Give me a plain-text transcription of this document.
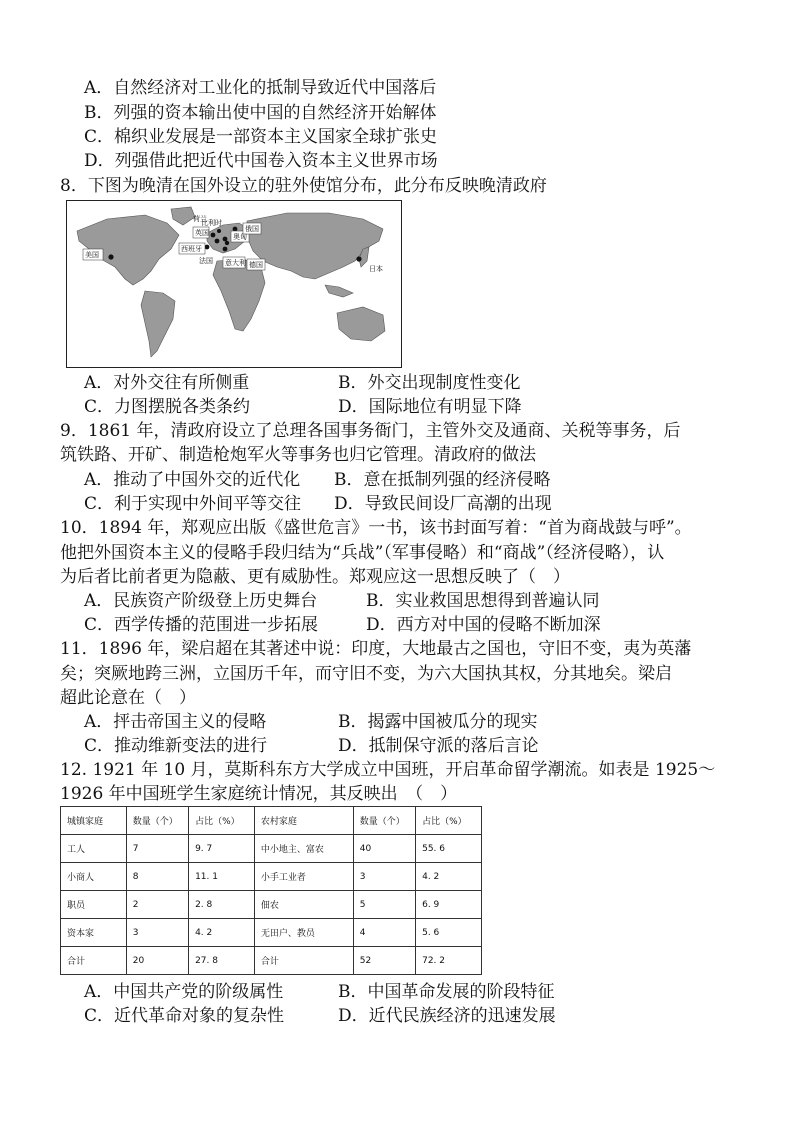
A．自然经济对工业化的抵制导致近代中国落后
B．列强的资本输出使中国的自然经济开始解体
C．棉织业发展是一部资本主义国家全球扩张史
D．列强借此把近代中国卷入资本主义世界市场
8．下图为晚清在国外设立的驻外使馆分布，此分布反映晚清政府
美国
英国
比利时
荷兰
奥匈
俄国
西班牙
意大利 德国
法国
日本
A．对外交往有所侧重	B．外交出现制度性变化
C．力图摆脱各类条约	D．国际地位有明显下降
9．1861 年，清政府设立了总理各国事务衙门，主管外交及通商、关税等事务，后
筑铁路、开矿、制造枪炮军火等事务也归它管理。清政府的做法
A．推动了中国外交的近代化 B．意在抵制列强的经济侵略
C．利于实现中外间平等交往 D．导致民间设厂高潮的出现
10．1894 年，郑观应出版《盛世危言》一书，该书封面写着：“首为商战鼓与呼”。
他把外国资本主义的侵略手段归结为“兵战”（军事侵略）和“商战”（经济侵略），认
为后者比前者更为隐蔽、更有威胁性。郑观应这一思想反映了（　）
A．民族资产阶级登上历史舞台	B．实业救国思想得到普遍认同
C．西学传播的范围进一步拓展	D．西方对中国的侵略不断加深
11．1896 年，梁启超在其著述中说：印度，大地最古之国也，守旧不变，夷为英藩
矣；突厥地跨三洲，立国历千年，而守旧不变，为六大国执其权，分其地矣。梁启
超此论意在（　）
A．抨击帝国主义的侵略	B．揭露中国被瓜分的现实
C．推动维新变法的进行	D．抵制保守派的落后言论
12. 1921 年 10 月，莫斯科东方大学成立中国班，开启革命留学潮流。如表是 1925～
1926 年中国班学生家庭统计情况，其反映出　（　）
城镇家庭	数量（个）	占比（%）	农村家庭	数量（个）	占比（%）
工人	7	9. 7	中小地主、富农	40	55. 6
小商人	8	11. 1	小手工业者	3	4. 2
职员	2	2. 8	佃农	5	6. 9
资本家	3	4. 2	无田户、教员	4	5. 6
合计	20	27. 8	合计	52	72. 2
A．中国共产党的阶级属性	B．中国革命发展的阶段特征
C．近代革命对象的复杂性	D．近代民族经济的迅速发展
